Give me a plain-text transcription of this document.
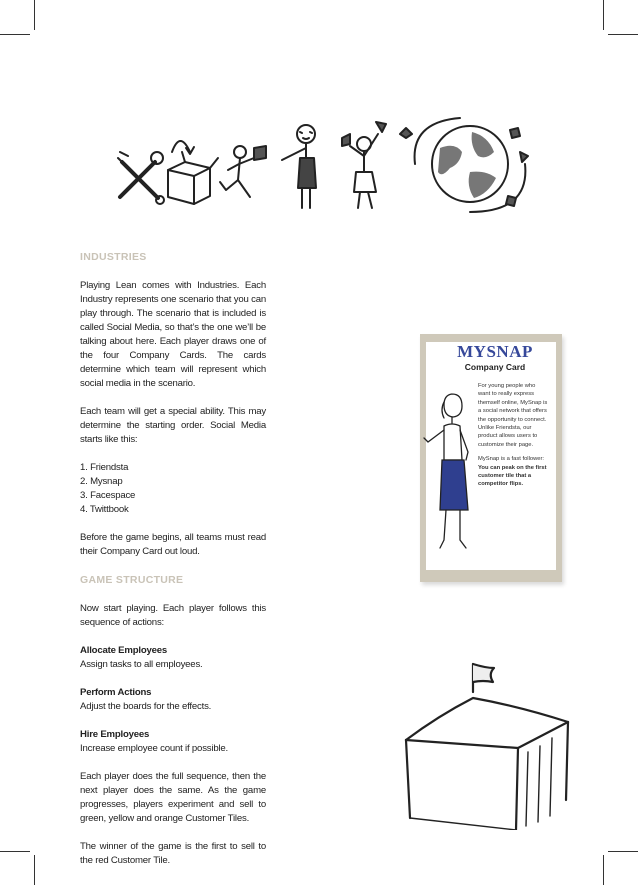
INDUSTRIES

Playing Lean comes with Industries. Each Industry represents one scenario that you can play through. The scenario that is included is called Social Media, so that’s the one we’ll be talking about here. Each player draws one of the four Company Cards. The cards determine which team will represent which social media in the scenario.

Each team will get a special ability. This may determine the starting order. Social Media starts like this:

1. Friendsta
2. Mysnap
3. Facespace
4. Twittbook

Before the game begins, all teams must read their Company Card out loud.

GAME STRUCTURE

Now start playing. Each player follows this sequence of actions:

Allocate Employees
Assign tasks to all employees.
Perform Actions
Adjust the boards for the effects.
Hire Employees
Increase employee count if possible.

Each player does the full sequence, then the next player does the same. As the game progresses, players experiment and sell to green, yellow and orange Customer Tiles.

The winner of the game is the first to sell to the red Customer Tile.

MYSNAP
Company Card

For young people who want to really express themself online, MySnap is a social network that offers the opportunity to connect. Unlike Friendsta, our product allows users to customize their page.

MySnap is a fast follower:
You can peak on the first customer tile that a competitor flips.
